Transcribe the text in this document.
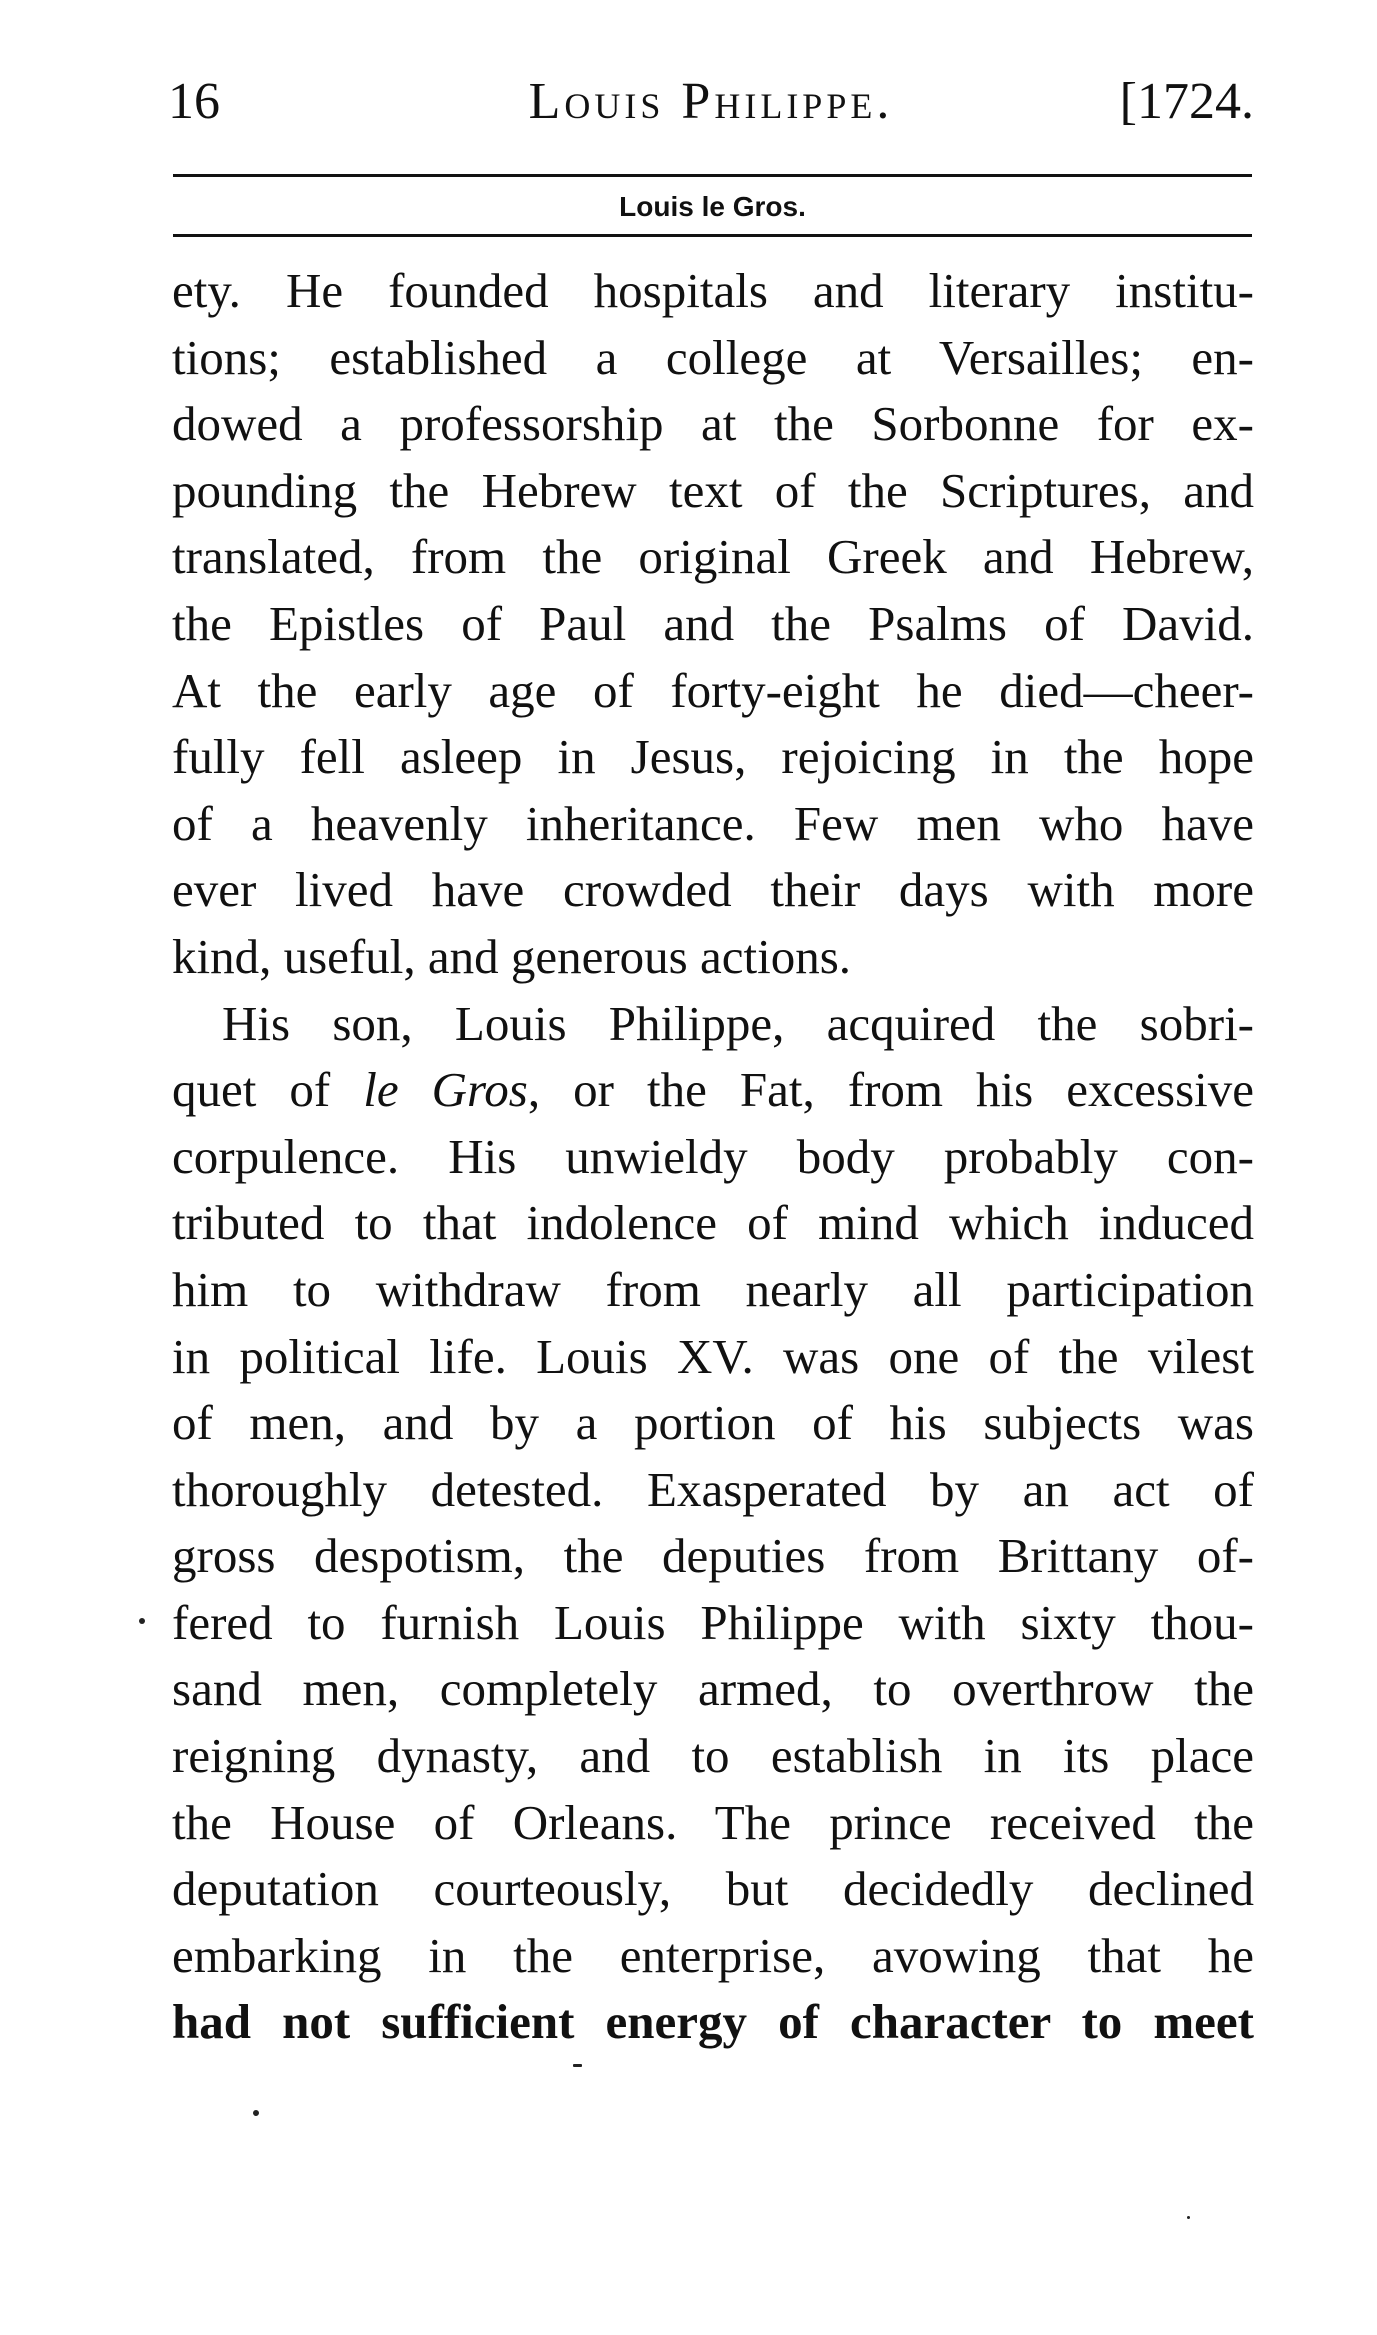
16	Louis Philippe.	[1724.
Louis le Gros.
ety. He founded hospitals and literary institu-
tions; established a college at Versailles; en-
dowed a professorship at the Sorbonne for ex-
pounding the Hebrew text of the Scriptures, and
translated, from the original Greek and Hebrew,
the Epistles of Paul and the Psalms of David.
At the early age of forty-eight he died—cheer-
fully fell asleep in Jesus, rejoicing in the hope
of a heavenly inheritance. Few men who have
ever lived have crowded their days with more
kind, useful, and generous actions.
His son, Louis Philippe, acquired the sobri-
quet of le Gros, or the Fat, from his excessive
corpulence. His unwieldy body probably con-
tributed to that indolence of mind which induced
him to withdraw from nearly all participation
in political life. Louis XV. was one of the vilest
of men, and by a portion of his subjects was
thoroughly detested. Exasperated by an act of
gross despotism, the deputies from Brittany of-
fered to furnish Louis Philippe with sixty thou-
sand men, completely armed, to overthrow the
reigning dynasty, and to establish in its place
the House of Orleans. The prince received the
deputation courteously, but decidedly declined
embarking in the enterprise, avowing that he
had not sufficient energy of character to meet
